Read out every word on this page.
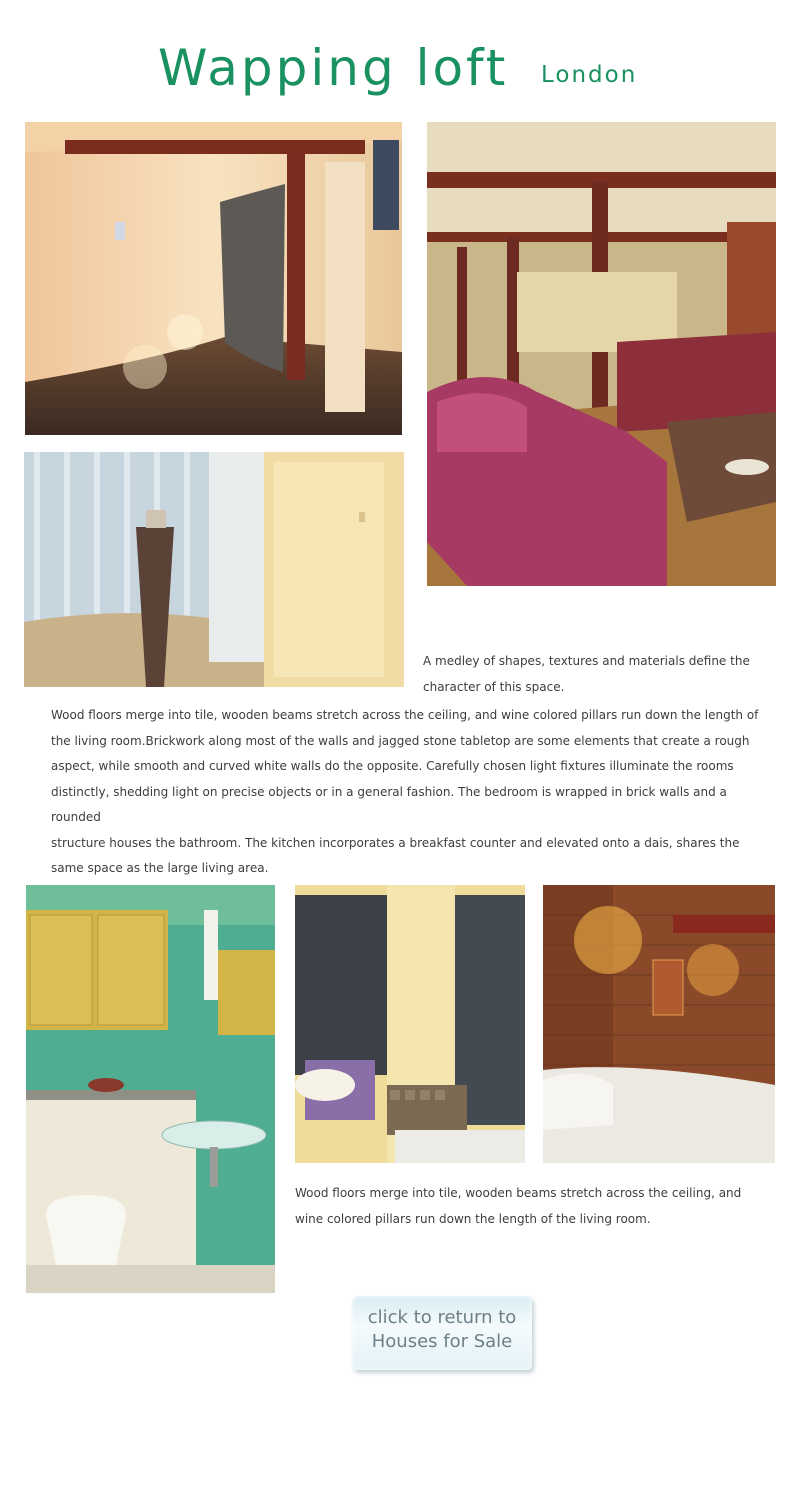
Wapping loft London
A medley of shapes, textures and materials define the character of this space.

Wood floors merge into tile, wooden beams stretch across the ceiling, and wine colored pillars run down the length of the living room.Brickwork along most of the walls and jagged stone tabletop are some elements that create a rough aspect, while smooth and curved white walls do the opposite. Carefully chosen light fixtures illuminate the rooms distinctly, shedding light on precise objects or in a general fashion. The bedroom is wrapped in brick walls and a rounded

structure houses the bathroom. The kitchen incorporates a breakfast counter and elevated onto a dais, shares the same space as the large living area.

Wood floors merge into tile, wooden beams stretch across the ceiling, and wine colored pillars run down the length of the living room.
click to return to
Houses for Sale
